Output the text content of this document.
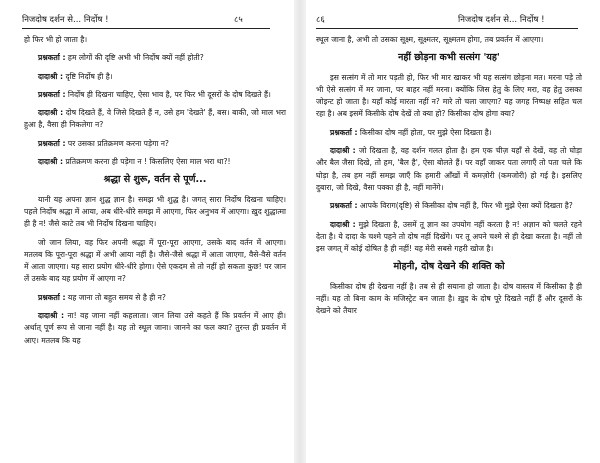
निजदोष दर्शन से... निर्दोष !	८५

हो फिर भी हो जाता है।

प्रश्नकर्ता : हम लोगों की दृष्टि अभी भी निर्दोष क्यों नहीं होती?

दादाश्री : दृष्टि निर्दोष ही है।

प्रश्नकर्ता : निर्दोष ही दिखना चाहिए, ऐसा भाव है, पर फिर भी दूसरों के दोष दिखते हैं।

दादाश्री : दोष दिखते हैं, वे जिसे दिखते हैं न, उसे हम 'देखते' हैं, बस। बाकी, जो माल भरा हुआ है, वैसा ही निकलेगा न?

प्रश्नकर्ता : पर उसका प्रतिक्रमण करना पड़ेगा न?

दादाश्री : प्रतिक्रमण करना ही पड़ेगा न ! किसलिए ऐसा माल भरा था?!

श्रद्धा से शुरू, वर्तन से पूर्ण...

यानी यह अपना ज्ञान शुद्ध ज्ञान है। समझ भी शुद्ध है। जगत् सारा निर्दोष दिखना चाहिए। पहले निर्दोष श्रद्धा में आया, अब धीरे-धीरे समझ में आएगा, फिर अनुभव में आएगा। ख़ुद शुद्धात्मा ही है न! जैसे काटे तब भी निर्दोष दिखना चाहिए।

जो जान लिया, वह फिर अपनी श्रद्धा में पूरा-पूरा आएगा, उसके बाद वर्तन में आएगा। मतलब कि पूरा-पूरा श्रद्धा में अभी आया नहीं है। जैसे-जैसे श्रद्धा में आता जाएगा, वैसे-वैसे वर्तन में आता जाएगा। यह सारा प्रयोग धीरे-धीरे होगा। ऐसे एकदम से तो नहीं हो सकता कुछ! पर जान लें उसके बाद यह प्रयोग में आएगा न?

प्रश्नकर्ता : यह जाना तो बहुत समय से है ही न?

दादाश्री : ना! वह जाना नहीं कहलाता। जान लिया उसे कहते हैं कि प्रवर्तन में आए ही। अर्थात् पूर्ण रूप से जाना नहीं है। यह तो स्थूल जाना। जानने का फल क्या? तुरन्त ही प्रवर्तन में आए। मतलब कि यह

८६	निजदोष दर्शन से... निर्दोष !

स्थूल जाना है, अभी तो उसका सूक्ष्म, सूक्ष्मतर, सूक्ष्मतम होगा, तब प्रवर्तन में आएगा।

नहीं छोड़ना कभी सत्संग 'यह'

इस सत्संग में तो मार पड़ती हो, फिर भी मार खाकर भी यह सत्संग छोड़ना मत। मरना पड़े तो भी ऐसे सत्संग में मर जाना, पर बाहर नहीं मरना। क्योंकि जिस हेतु के लिए मरा, वह हेतु उसका जोइन्ट हो जाता है। यहाँ कोई मारता नहीं न? मारे तो चला जाएगा? यह जगह निष्पक्ष सहित चल रहा है। अब इसमें किसीके दोष देखें तो क्या हो? किसीका दोष होगा क्या?

प्रश्नकर्ता : किसीका दोष नहीं होता, पर मुझे ऐसा दिखता है।

दादाश्री : जो दिखता है, वह दर्शन गलत होता है। हम एक चीज़ यहाँ से देखें, वह तो घोड़ा और बैल जैसा दिखे, तो हम, 'बैल है', ऐसा बोलते हैं। पर वहाँ जाकर पता लगाएँ तो पता चले कि घोड़ा है, तब हम नहीं समझ जाएँ कि हमारी आँखों में कमज़ोरी (कमजोरी) हो गई है। इसलिए दुबारा, जो दिखे, वैसा पक्का ही है, नहीं मानेंगे।

प्रश्नकर्ता : आपके विराग(दृष्टि) से किसीका दोष नहीं है, फिर भी मुझे ऐसा क्यों दिखता है?

दादाश्री : मुझे दिखता है, उसमें तू ज्ञान का उपयोग नहीं करता है न! अज्ञान को चलते रहने देता है। ये दादा के चश्मे पहने तो दोष नहीं दिखेंगे। पर तू अपने चश्मे से ही देखा करता है। नहीं तो इस जगत् में कोई दोषित है ही नहीं! यह मेरी सबसे गहरी खोज है।

मोहनी, दोष देखने की शक्ति को

किसीका दोष ही देखना नहीं है। तब से ही सयाना हो जाता है। दोष वास्तव में किसीका है ही नहीं। यह तो बिना काम के मजिस्ट्रेट बन जाता है। ख़ुद के दोष पूरे दिखते नहीं हैं और दूसरों के देखने को तैयार
